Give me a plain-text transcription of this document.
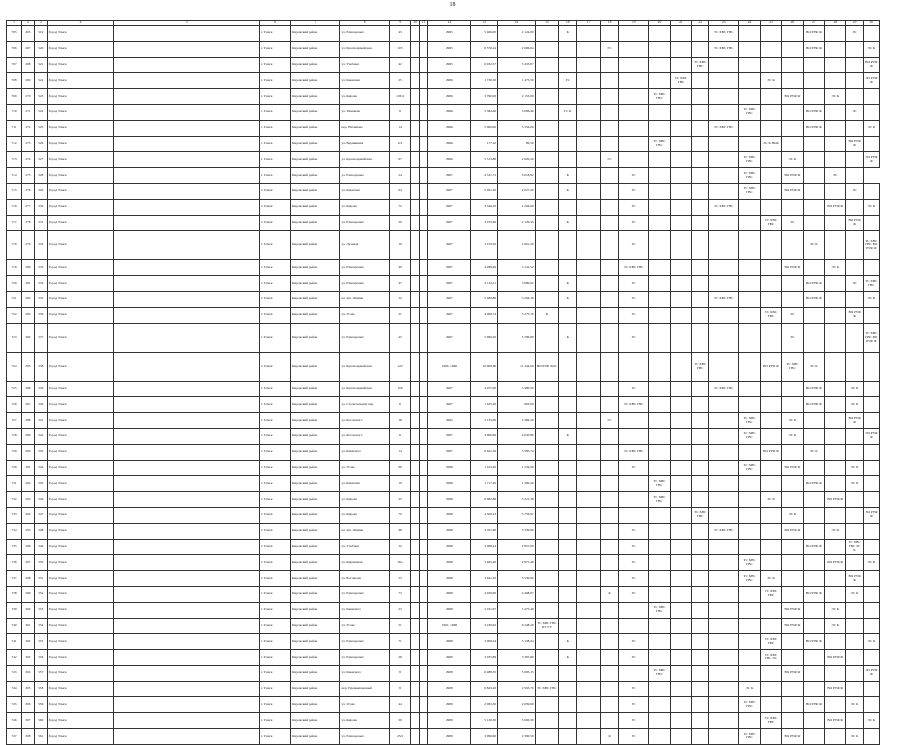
18
1	2	3	4	5	6	7	8	9	10	11	12	13	14	15	16	17	18	19	20	21	22	23	24	25	26	27	28	29	30
705	265	519	Город Томск		г. Томск	Кировский район	ул. Елизаровых	43			2963	5 466,00	2 124,00		К							ТС ХВС ГВС				ВО РУФ Ф		ЭС	
706	267	520	Город Томск		г. Томск	Кировский район	ул. Красноармейская	105			2965	6 576,24	2 696,04				ГС					ТС ХВС ГВС				ВО РУФ Ф			ЭС К
707	268	521	Город Томск		г. Томск	Кировский район	ул. Учебная	42			2965	6 932,57	3 433,07								ТС ХВС ГВС								ВО РУФ Ф
708	269	522	Город Томск		г. Томск	Кировский район	ул. Киевская	25			2966	1 736,50	1 475,50		ГС					ТС ХВС ГВС				ЭС К					ЭО РУФ Ф
709	270	523	Город Томск		г. Томск	Кировский район	ул. Кирова	103/4			2966	3 790,00	2 153,00						ТС ХВС ГВС						ВО РУФ Ф		ЭС К		
710	271	524	Город Томск		г. Томск	Кировский район	ул. Тимакова	8			2966	5 384,60	3 096,40		ГС К								ТС ХВС ГВС			ВО РУФ Ф		ЭС	
711	272	525	Город Томск		г. Томск	Кировский район	пер. Нахимова	14			2966	5 000,00	3 334,00									ТС ХВС ГВС				ВО РУФ Ф			ЭС К
712	273	526	Город Томск		г. Томск	Кировский район	ул. Вершинина	2/2			2966	177,10	89,50						ТС ХВС ГВС					ЭС К НОК				ВО РУФ Ф	
713	274	527	Город Томск		г. Томск	Кировский район	ул. Красноармейская	67			2966	5 513,80	2 620,20				ГС						ТС ХВС ГВС		ЭС К				ЭО РУФ Ф
714	275	528	Город Томск		г. Томск	Кировский район	ул. Елизаровых	24			2967	4 531,72	3 018,92		К			ГС					ТС ХВС ГВС		ВО РУФ Ф		ЭС		
715	276	529	Город Томск		г. Томск	Кировский район	ул. Киевская	64			2967	5 491,20	2 027,20		К			ГС					ТС ХВС ГВС		ВО РУФ Ф			ЭС	
716	277	530	Город Томск		г. Томск	Кировский район	ул. Кирова	72			2967	3 346,20	2 294,60					ГС				ТС ХВС ГВС					ВО РУФ Ф		ЭС К
717	278	531	Город Томск		г. Томск	Кировский район	ул. Елизаровых	39			2967	3 235,60	2 129,45		К			ГС						ТС ХВС ГВС	ЭС			ВО РУФ Ф	
718	279	532	Город Томск		г. Томск	Кировский район	ул. Лучевая	19			2967	3 479,50	2 661,29					ГС								ЭС К			ТС ХВС ГВС ВО РУФ Ф
719	280	533	Город Томск		г. Томск	Кировский район	ул. Елизаровых	49			2967	4 286,49	3 141,52					ТС ХВС ГВС							ВО РУФ Ф		ЭС К		
720	281	534	Город Томск		г. Томск	Кировский район	ул. Елизаровых	47			2967	4 134,31	3 080,02		К			ГС								ВО РУФ Ф		ЭС	ТС ХВС ГВС
721	282	535	Город Томск		г. Томск	Кировский район	пл. им. Ленина	12			2967	5 480,80	3 294,30		К			ГС				ТС ХВС ГВС				ВО РУФ Ф			ЭС К
722	283	536	Город Томск		г. Томск	Кировский район	ул. Усова	21			2967	4 008,74	3 275,70	К				ГС						ТС ХВС ГВС	ЭС			ВО РУФ Ф	
723	284	537	Город Томск		г. Томск	Кировский район	ул. Елизаровых	45			2967	5 699,20	3 786,80		К			ГС							ЭС				ТС ХВС ГВС ВО РУФ Ф
724	285	538	Город Томск		г. Томск	Кировский район	ул. Красноармейская	122			1964, 1966	10 908,60	11 344,00	ВО РУФ ЭОС							ТС ХВС ГВС			ВО РУФ Ф	ТС ХВС ГВС	ЭС К			
725	286	539	Город Томск		г. Томск	Кировский район	ул. Красноармейская	106			2967	4 257,00	3 480,20					ГС				ТС ХВС ГВС				ВО РУФ Ф		ЭС К	
726	287	540	Город Томск		г. Томск	Кировский район	ул. Строительная/ пер.	6			2967	1 635,20	963,00					ТС ХВС ГВС								ВО РУФ Ф		ЭС К	
727	288	541	Город Томск		г. Томск	Кировский район	ул. Котовского	18			2962	3 135,60	2 384,20				ГС						ТС ХВС ГВС		ЭС К			ВО РУФ Ф	
728	289	542	Город Томск		г. Томск	Кировский район	ул. Котовского	8			2967	4 906,60	4 045,80		К								ТС ХВС ГВС		ЭС К				ЭО РУФ Ф
729	290	543	Город Томск		г. Томск	Кировский район	ул. Киевского	14			2967	6 641,56	5 385,74					ТС ХВС ГВС						ВО РУФ Ф		ЭС К			
730	291	544	Город Томск		г. Томск	Кировский район	ул. Усова	96			2968	1 433,20	1 234,00					ГС					ТС ХВС ГВС		ВО РУФ Ф			ЭС К	
731	292	545	Город Томск		г. Томск	Кировский район	ул. Киевская	19			2968	1 717,20	1 590,20						ТС ХВС ГВС							ВО РУФ Ф		ЭС К	
732	293	546	Город Томск		г. Томск	Кировский район	ул. Кирова	35			2968	6 082,86	5 221,38						ТС ХВС ГВС					ЭС К			ВО РУФ Ф		
733	294	547	Город Томск		г. Томск	Кировский район	ул. Кирова	70			2968	4 500,23	3 756,97								ТС ХВС ГВС				ЭС К				ЭО РУФ Ф
734	295	548	Город Томск		г. Томск	Кировский район	пл. им. Ленина	48			2968	3 701,60	3 339,90					ГС				ТС ХВС ГВС			ВО РУФ Ф		ЭС К		
735	296	549	Город Томск		г. Томск	Кировский район	ул. Учебная	12			2968	3 068,24	2 857,00					ГС								ВО РУФ Ф		ТС ХВС ГВС ЭС К	
736	297	550	Город Томск		г. Томск	Кировский район	ул. Кирпичная	56а			2968	3 465,40	2 975,40					ГС					ТС ХВС ГВС				ВО РУФ Ф		ЭС К
737	298	551	Город Томск		г. Томск	Кировский район	ул. Бастанова	53			2968	3 641,10	3 530,00					ГС					ТС ХВС ГВС	ЭС К				ВО РУФ Ф	
738	299	552	Город Томск		г. Томск	Кировский район	ул. Елизаровых	73			2968	4 929,00	4 468,07				К	ГС						ТС ХВС ГВС		ВО РУФ Ф		ЭС К	
739	300	553	Город Томск		г. Томск	Кировский район	ул. Киевского	23			2968	2 191,07	1 475,40						ТС ХВС ГВС						ВО РУФ Ф		ЭС К		
740	301	554	Город Томск		г. Томск	Кировский район	ул. Усова	51			1961, 1968	3 236,62	6 348,20	ТС ХВС ГВС ПТ УУ											ВО РУФ Ф		ЭС К		
741	302	555	Город Томск		г. Томск	Кировский район	ул. Елизаровых	71			2968	3 909,24	3 138,24		К			ГС						ТС ХВС ГВС		ВО РУФ Ф			ЭС К
742	303	556	Город Томск		г. Томск	Кировский район	ул. Елизаровых	28			2969	3 935,89	3 365,80		К			ГС						ТС ХВС ГВС ЭС			ВО РУФ Ф		
743	304	557	Город Томск		г. Томск	Кировский район	ул. Киевского	8			2968	6 488,35	5 695,15						ТС ХВС ГВС						ВО РУФ Ф				ЭО РУФ Ф
744	305	558	Город Томск		г. Томск	Кировский район	пер. Промышленный	8			2968	6 843,20	2 563,70	ТС ХВС ГВС				ГС					ЭС К				ВО РУФ Ф		
745	306	559	Город Томск		г. Томск	Кировский район	ул. Усова	44			2969	2 963,30	2 659,60					ГС					ТС ХВС ГВС			ВО РУФ Ф		ЭС К	
746	307	560	Город Томск		г. Томск	Кировский район	ул. Кирова	39			2969	5 126,30	3 000,30					ГС						ТС ХВС ГВС			ВО РУФ Ф		ЭС К
747	308	561	Город Томск		г. Томск	Кировский район	ул. Елизаровых	23/2			2969	3 096,60	2 390,50				К	ГС					ТС ХВС ГВС		ВО РУФ Ф			ЭС К	
